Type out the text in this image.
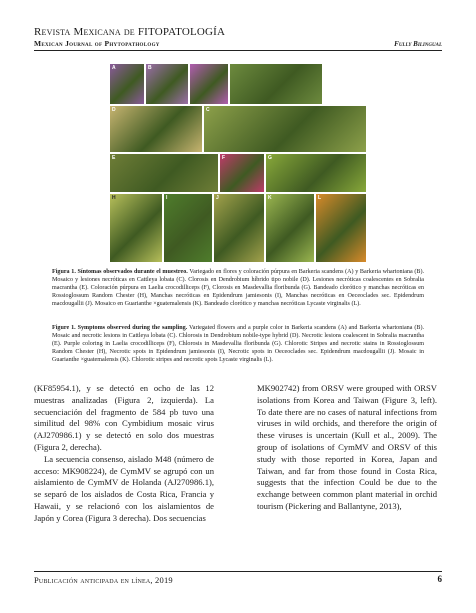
Revista Mexicana de FITOPATOLOGÍA
Mexican Journal of Phytopathology	Fully Bilingual
A	B
D	C
E	F	G
H	I	J	K	L
Figura 1. Síntomas observados durante el muestreo. Variegado en flores y coloración púrpura en Barkeria scandens (A) y Barkeria whartoniana (B). Mosaico y lesiones necróticas en Cattleya lobata (C). Clorosis en Dendrobium híbrido tipo nobile (D). Lesiones necróticas coalescentes en Sobralia macrantha (E). Coloración púrpura en Laelia crocodilliceps (F), Clorosis en Masdevallia floribunda (G). Bandeado clorótico y manchas necróticas en Rossioglossum Random Chester (H), Manchas necróticas en Epidendrum jamiesonis (I), Manchas necróticas en Oeceoclades sec. Epidendrum macdougallii (J). Mosaico en Guarianthe ×guatemalensis (K). Bandeado clorótico y manchas necróticas Lycaste virginalis (L).
Figure 1. Symptoms observed during the sampling. Variegated flowers and a purple color in Barkeria scandens (A) and Barkeria whartoniana (B). Mosaic and necrotic lesions in Cattleya lobata (C). Chlorosis in Dendrobium nobile-type hybrid (D). Necrotic lesions coalescent in Sobralia macrantha (E). Purple coloring in Laelia crocodilliceps (F), Chlorosis in Masdevallia floribunda (G). Chlorotic Stripes and necrotic stains in Rossioglossum Random Chester (H), Necrotic spots in Epidendrum jamiesonis (I), Necrotic spots in Oeceoclades sec. Epidendrum macdougallii (J). Mosaic in Guarianthe ×guatemalensis (K). Chlorotic stripes and necrotic spots Lycaste virginalis (L).

(KF85954.1), y se detectó en ocho de las 12 muestras analizadas (Figura 2, izquierda). La secuenciación del fragmento de 584 pb tuvo una similitud del 98% con Cymbidium mosaic virus (AJ270986.1) y se detectó en solo dos muestras (Figura 2, derecha).

La secuencia consenso, aislado M48 (número de acceso: MK908224), de CymMV se agrupó con un aislamiento de CymMV de Holanda (AJ270986.1), se separó de los aislados de Costa Rica, Francia y Hawaii, y se relacionó con los aislamientos de Japón y Corea (Figura 3 derecha). Dos secuencias

MK902742) from ORSV were grouped with ORSV isolations from Korea and Taiwan (Figure 3, left). To date there are no cases of natural infections from viruses in wild orchids, and therefore the origin of these viruses is uncertain (Kull et al., 2009). The group of isolations of CymMV and ORSV of this study with those reported in Korea, Japan and Taiwan, and far from those found in Costa Rica, suggests that the infection Could be due to the exchange between common plant material in orchid tourism (Pickering and Ballantyne, 2013),

Publicación anticipada en línea, 2019	6
